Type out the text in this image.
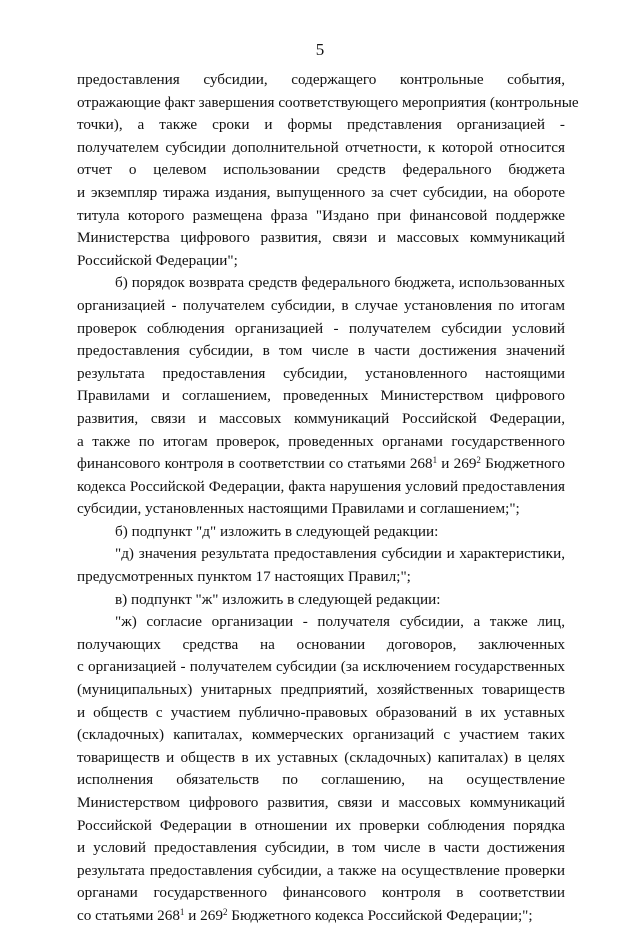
5
предоставления субсидии, содержащего контрольные события,
отражающие факт завершения соответствующего мероприятия (контрольные
точки), а также сроки и формы представления организацией -
получателем субсидии дополнительной отчетности, к которой относится
отчет о целевом использовании средств федерального бюджета
и экземпляр тиража издания, выпущенного за счет субсидии, на обороте
титула которого размещена фраза "Издано при финансовой поддержке
Министерства цифрового развития, связи и массовых коммуникаций
Российской Федерации";
б) порядок возврата средств федерального бюджета, использованных
организацией - получателем субсидии, в случае установления по итогам
проверок соблюдения организацией - получателем субсидии условий
предоставления субсидии, в том числе в части достижения значений
результата предоставления субсидии, установленного настоящими
Правилами и соглашением, проведенных Министерством цифрового
развития, связи и массовых коммуникаций Российской Федерации,
а также по итогам проверок, проведенных органами государственного
финансового контроля в соответствии со статьями $268^1$ и $269^2$ Бюджетного
кодекса Российской Федерации, факта нарушения условий предоставления
субсидии, установленных настоящими Правилами и соглашением;";
б) подпункт "д" изложить в следующей редакции:
"д) значения результата предоставления субсидии и характеристики,
предусмотренных пунктом 17 настоящих Правил;";
в) подпункт "ж" изложить в следующей редакции:
"ж) согласие организации - получателя субсидии, а также лиц,
получающих средства на основании договоров, заключенных
с организацией - получателем субсидии (за исключением государственных
(муниципальных) унитарных предприятий, хозяйственных товариществ
и обществ с участием публично-правовых образований в их уставных
(складочных) капиталах, коммерческих организаций с участием таких
товариществ и обществ в их уставных (складочных) капиталах) в целях
исполнения обязательств по соглашению, на осуществление
Министерством цифрового развития, связи и массовых коммуникаций
Российской Федерации в отношении их проверки соблюдения порядка
и условий предоставления субсидии, в том числе в части достижения
результата предоставления субсидии, а также на осуществление проверки
органами государственного финансового контроля в соответствии
со статьями $268^1$ и $269^2$ Бюджетного кодекса Российской Федерации;";
